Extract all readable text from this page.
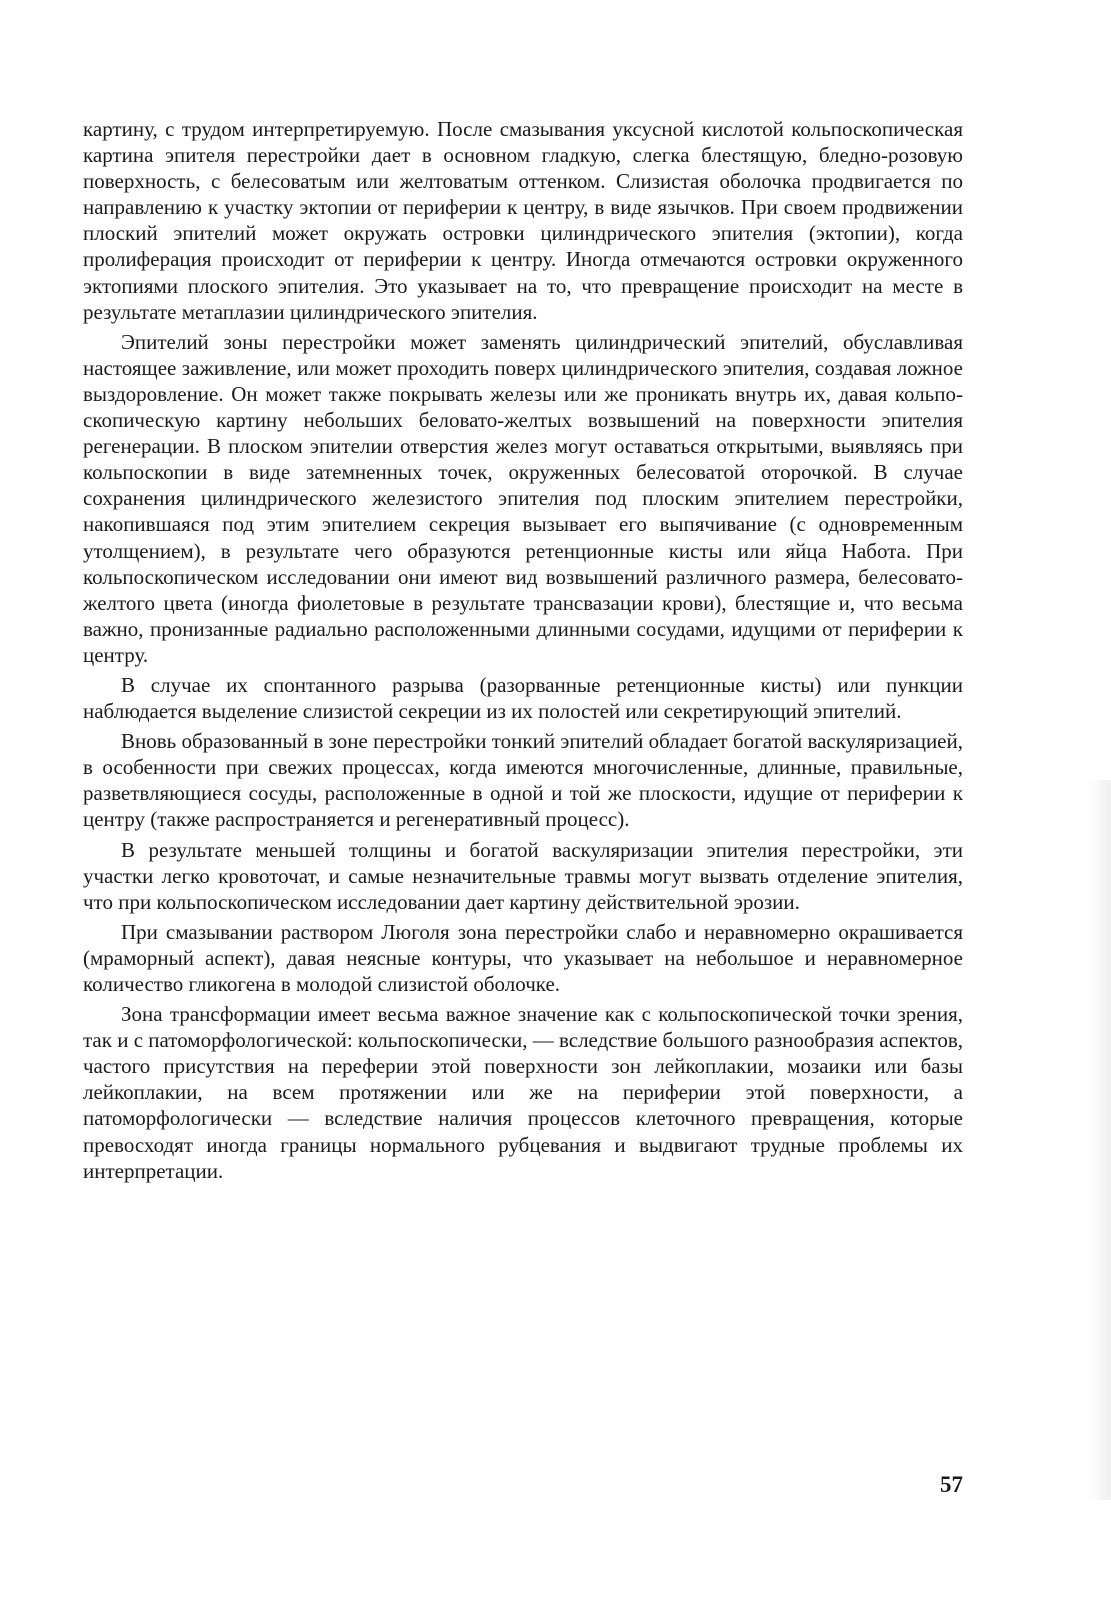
картину, с трудом интерпретируемую. После смазывания уксусной кислотой кольпоскопическая картина эпителя перестройки дает в основном гладкую, слегка блестящую, бледно-розовую поверхность, с белесоватым или желтоватым оттенком. Слизистая оболочка продвигается по направлению к участку эктопии от периферии к центру, в виде язычков. При своем продвижении плоский эпителий может окружать островки цилиндрического эпителия (эктопии), когда пролиферация происходит от периферии к центру. Иногда отмечаются островки окруженного эктопиями плоского эпителия. Это указывает на то, что превращение происходит на месте в результате метаплазии цилиндрического эпителия.

Эпителий зоны перестройки может заменять цилиндрический эпителий, обуславливая настоящее заживление, или может проходить поверх цилиндрического эпителия, создавая ложное выздоровление. Он может также покрывать железы или же проникать внутрь их, давая кольпоскопическую картину небольших беловато-желтых возвышений на поверхности эпителия регенерации. В плоском эпителии отверстия желез могут оставаться открытыми, выявляясь при кольпоскопии в виде затемненных точек, окруженных белесоватой оторочкой. В случае сохранения цилиндрического железистого эпителия под плоским эпителием перестройки, накопившаяся под этим эпителием секреция вызывает его выпячивание (с одновременным утолщением), в результате чего образуются ретенционные кисты или яйца Набота. При кольпоскопическом исследовании они имеют вид возвышений различного размера, белесовато-желтого цвета (иногда фиолетовые в результате трансвазации крови), блестящие и, что весьма важно, пронизанные радиально расположенными длинными сосудами, идущими от периферии к центру.

В случае их спонтанного разрыва (разорванные ретенционные кисты) или пункции наблюдается выделение слизистой секреции из их полостей или секретирующий эпителий.

Вновь образованный в зоне перестройки тонкий эпителий обладает богатой васкуляризацией, в особенности при свежих процессах, когда имеются многочисленные, длинные, правильные, разветвляющиеся сосуды, расположенные в одной и той же плоскости, идущие от периферии к центру (также распространяется и регенеративный процесс).

В результате меньшей толщины и богатой васкуляризации эпителия перестройки, эти участки легко кровоточат, и самые незначительные травмы могут вызвать отделение эпителия, что при кольпоскопическом исследовании дает картину действительной эрозии.

При смазывании раствором Люголя зона перестройки слабо и неравномерно окрашивается (мраморный аспект), давая неясные контуры, что указывает на небольшое и неравномерное количество гликогена в молодой слизистой оболочке.

Зона трансформации имеет весьма важное значение как с кольпоскопической точки зрения, так и с патоморфологической: кольпоскопически, — вследствие большого разнообразия аспектов, частого присутствия на переферии этой поверхности зон лейкоплакии, мозаики или базы лейкоплакии, на всем протяжении или же на периферии этой поверхности, а патоморфологически — вследствие наличия процессов клеточного превращения, которые превосходят иногда границы нормального рубцевания и выдвигают трудные проблемы их интерпретации.

57
